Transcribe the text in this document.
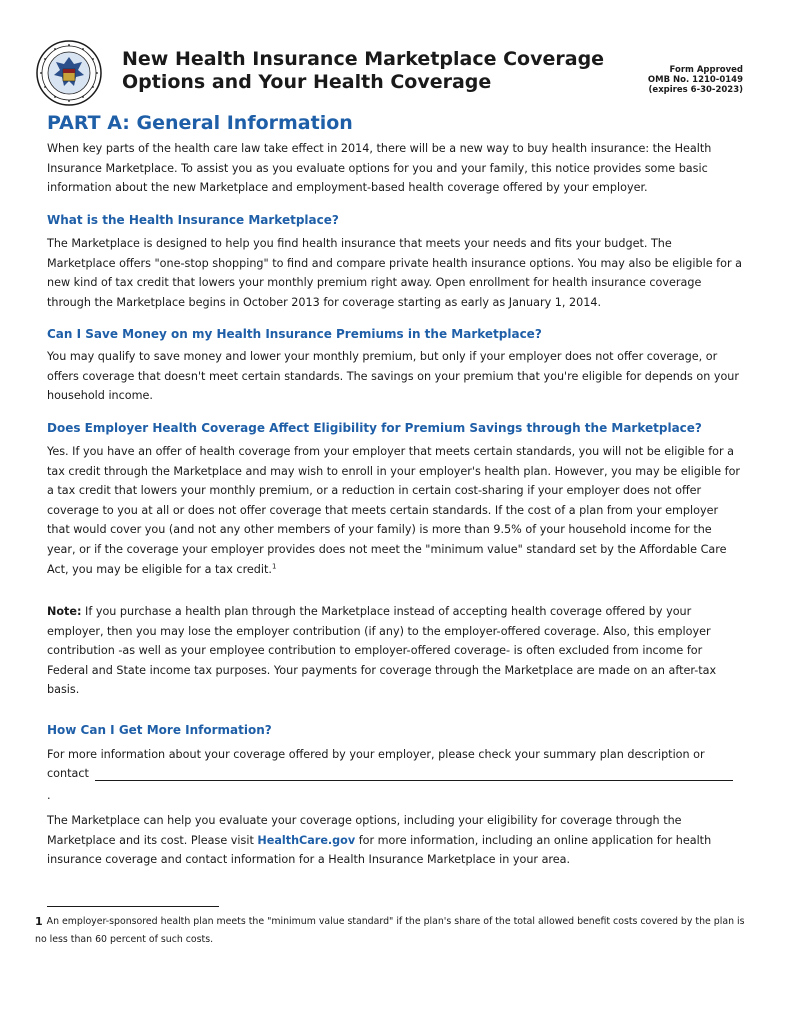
New Health Insurance Marketplace Coverage
Options and Your Health Coverage
Form Approved
OMB No. 1210-0149
(expires 6-30-2023)
PART A: General Information
When key parts of the health care law take effect in 2014, there will be a new way to buy health insurance: the Health Insurance Marketplace. To assist you as you evaluate options for you and your family, this notice provides some basic information about the new Marketplace and employment-based health coverage offered by your employer.
What is the Health Insurance Marketplace?
The Marketplace is designed to help you find health insurance that meets your needs and fits your budget. The Marketplace offers "one-stop shopping" to find and compare private health insurance options. You may also be eligible for a new kind of tax credit that lowers your monthly premium right away. Open enrollment for health insurance coverage through the Marketplace begins in October 2013 for coverage starting as early as January 1, 2014.
Can I Save Money on my Health Insurance Premiums in the Marketplace?
You may qualify to save money and lower your monthly premium, but only if your employer does not offer coverage, or offers coverage that doesn't meet certain standards. The savings on your premium that you're eligible for depends on your household income.
Does Employer Health Coverage Affect Eligibility for Premium Savings through the Marketplace?
Yes. If you have an offer of health coverage from your employer that meets certain standards, you will not be eligible for a tax credit through the Marketplace and may wish to enroll in your employer's health plan. However, you may be eligible for a tax credit that lowers your monthly premium, or a reduction in certain cost-sharing if your employer does not offer coverage to you at all or does not offer coverage that meets certain standards. If the cost of a plan from your employer that would cover you (and not any other members of your family) is more than 9.5% of your household income for the year, or if the coverage your employer provides does not meet the "minimum value" standard set by the Affordable Care Act, you may be eligible for a tax credit.$^1$
Note: If you purchase a health plan through the Marketplace instead of accepting health coverage offered by your employer, then you may lose the employer contribution (if any) to the employer-offered coverage. Also, this employer contribution -as well as your employee contribution to employer-offered coverage- is often excluded from income for Federal and State income tax purposes. Your payments for coverage through the Marketplace are made on an after-tax basis.
How Can I Get More Information?
For more information about your coverage offered by your employer, please check your summary plan description or
contact
.
The Marketplace can help you evaluate your coverage options, including your eligibility for coverage through the Marketplace and its cost. Please visit HealthCare.gov for more information, including an online application for health insurance coverage and contact information for a Health Insurance Marketplace in your area.
1 An employer-sponsored health plan meets the "minimum value standard" if the plan's share of the total allowed benefit costs covered by the plan is no less than 60 percent of such costs.
